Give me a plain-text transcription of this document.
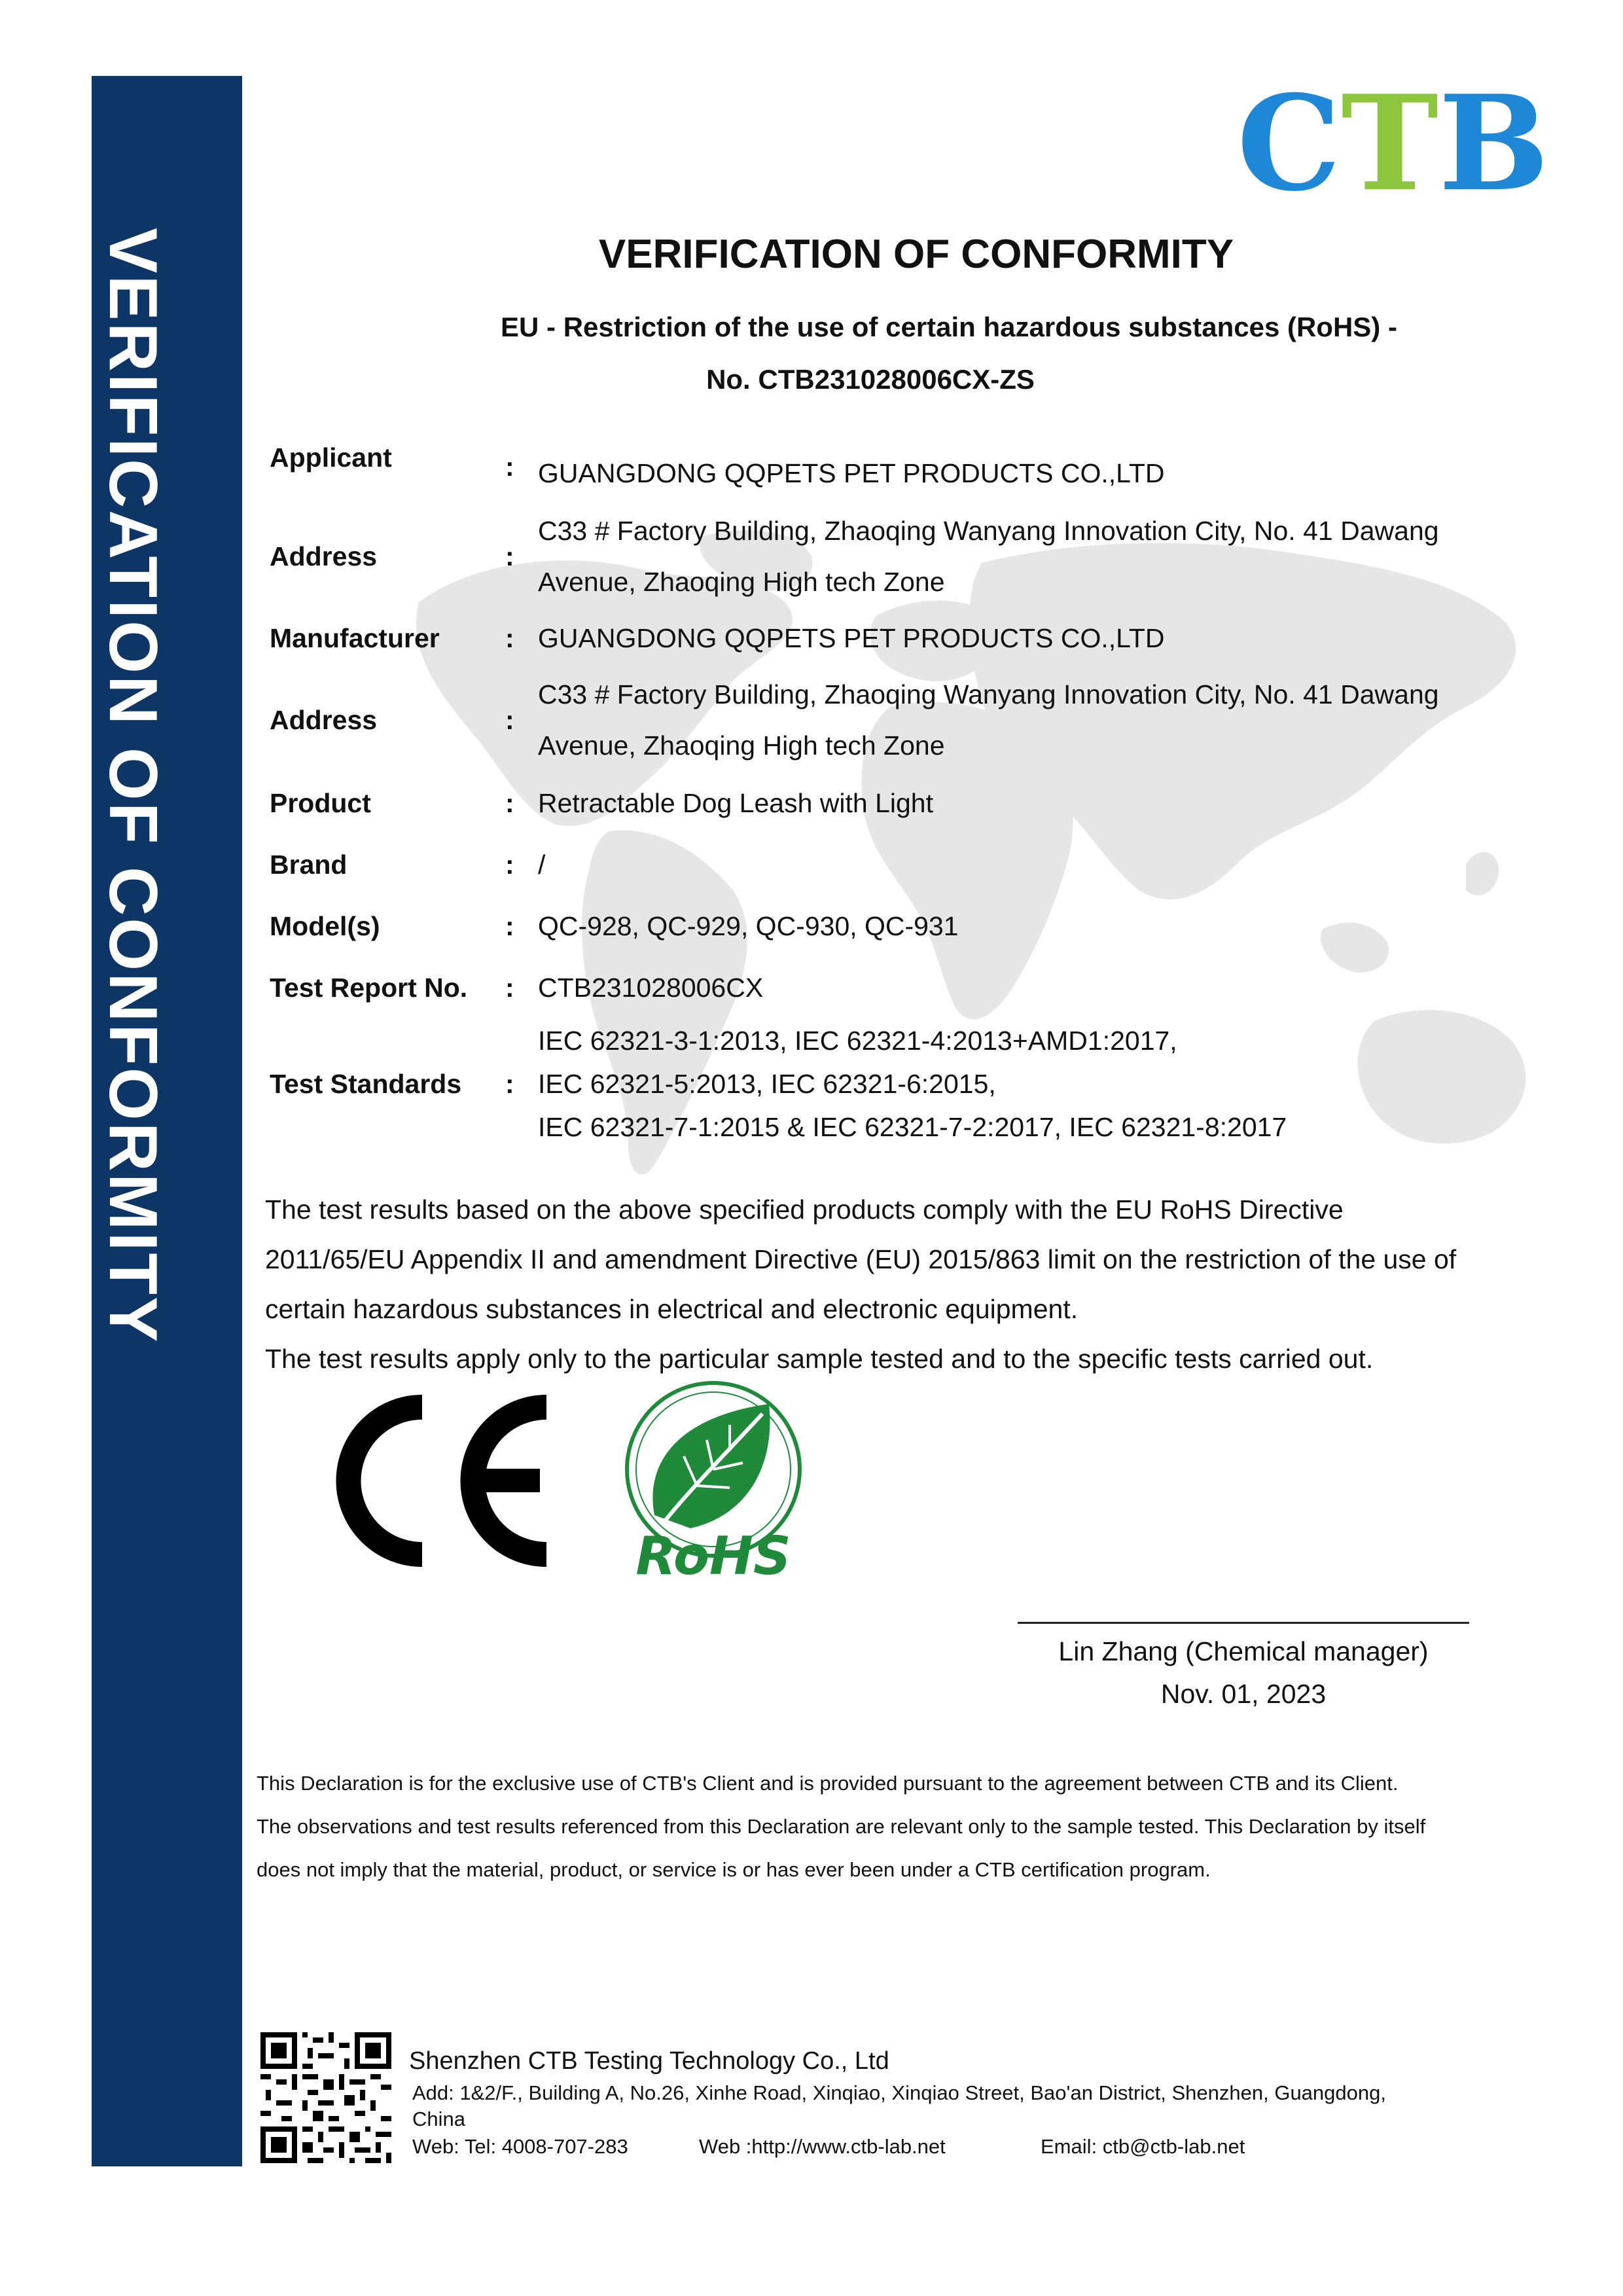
VERIFICATION OF CONFORMITY
CTB
VERIFICATION OF CONFORMITY
EU - Restriction of the use of certain hazardous substances (RoHS) -
No. CTB231028006CX-ZS
Applicant	: GUANGDONG QQPETS PET PRODUCTS CO.,LTD
Address	:
C33 # Factory Building, Zhaoqing Wanyang Innovation City, No. 41 Dawang
Avenue, Zhaoqing High tech Zone
Manufacturer	: GUANGDONG QQPETS PET PRODUCTS CO.,LTD
Address	:
C33 # Factory Building, Zhaoqing Wanyang Innovation City, No. 41 Dawang
Avenue, Zhaoqing High tech Zone
Product	: Retractable Dog Leash with Light
Brand	: /
Model(s)	: QC-928, QC-929, QC-930, QC-931
Test Report No.	: CTB231028006CX
Test Standards	:
IEC 62321-3-1:2013, IEC 62321-4:2013+AMD1:2017,
IEC 62321-5:2013, IEC 62321-6:2015,
IEC 62321-7-1:2015 & IEC 62321-7-2:2017, IEC 62321-8:2017
The test results based on the above specified products comply with the EU RoHS Directive
2011/65/EU Appendix II and amendment Directive (EU) 2015/863 limit on the restriction of the use of
certain hazardous substances in electrical and electronic equipment.
The test results apply only to the particular sample tested and to the specific tests carried out.
RoHS
Lin Zhang (Chemical manager)
Nov. 01, 2023
This Declaration is for the exclusive use of CTB's Client and is provided pursuant to the agreement between CTB and its Client.
The observations and test results referenced from this Declaration are relevant only to the sample tested. This Declaration by itself
does not imply that the material, product, or service is or has ever been under a CTB certification program.
Shenzhen CTB Testing Technology Co., Ltd
Add: 1&2/F., Building A, No.26, Xinhe Road, Xinqiao, Xinqiao Street, Bao'an District, Shenzhen, Guangdong,
China
Web: Tel: 4008-707-283	Web :http://www.ctb-lab.net	Email: ctb@ctb-lab.net
